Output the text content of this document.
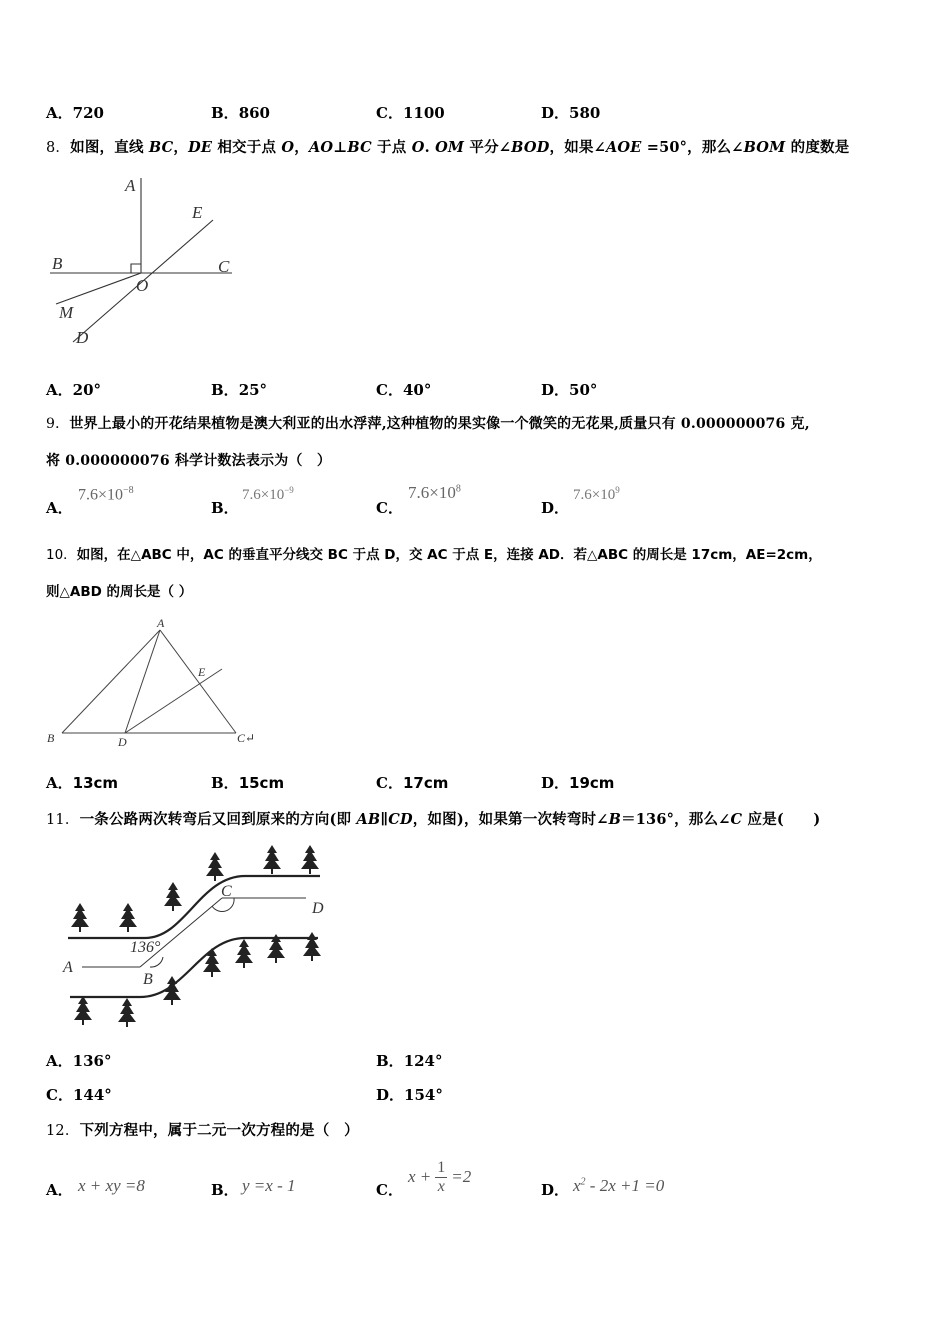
A．720	B．860	C．1100	D．580
8．如图，直线 BC，DE 相交于点 O，AO⊥BC 于点 O. OM 平分∠BOD，如果∠AOE =50°，那么∠BOM 的度数是
A
E
B	C
O
M
D
A．20°	B．25°	C．40°	D．50°
9．世界上最小的开花结果植物是澳大利亚的出水浮萍,这种植物的果实像一个微笑的无花果,质量只有 0.000000076 克,
将 0.000000076 科学计数法表示为（　）
A．
$7.6\times 10^{-8}$
B．
$7.6\times 10^{-9}$
C．
$7.6\times 10^8$
D．
$7.6\times 10^9$
10．如图，在△ABC 中，AC 的垂直平分线交 BC 于点 D，交 AC 于点 E，连接 AD．若△ABC 的周长是 17cm，AE=2cm，
则△ABD 的周长是（ ）
A
E
B	D	C↵
A．13cm	B．15cm	C．17cm	D．19cm
11．一条公路两次转弯后又回到原来的方向(即 AB∥CD，如图)，如果第一次转弯时∠B＝136°，那么∠C 应是(　　)
C
D
A
B
136°
A．136°	B．124°
C．144°	D．154°
12．下列方程中，属于二元一次方程的是（　）
A． x + xy =8	B． y =x - 1	C．
x + 1
x =2
D． $x^2 - 2x +1 =0$
